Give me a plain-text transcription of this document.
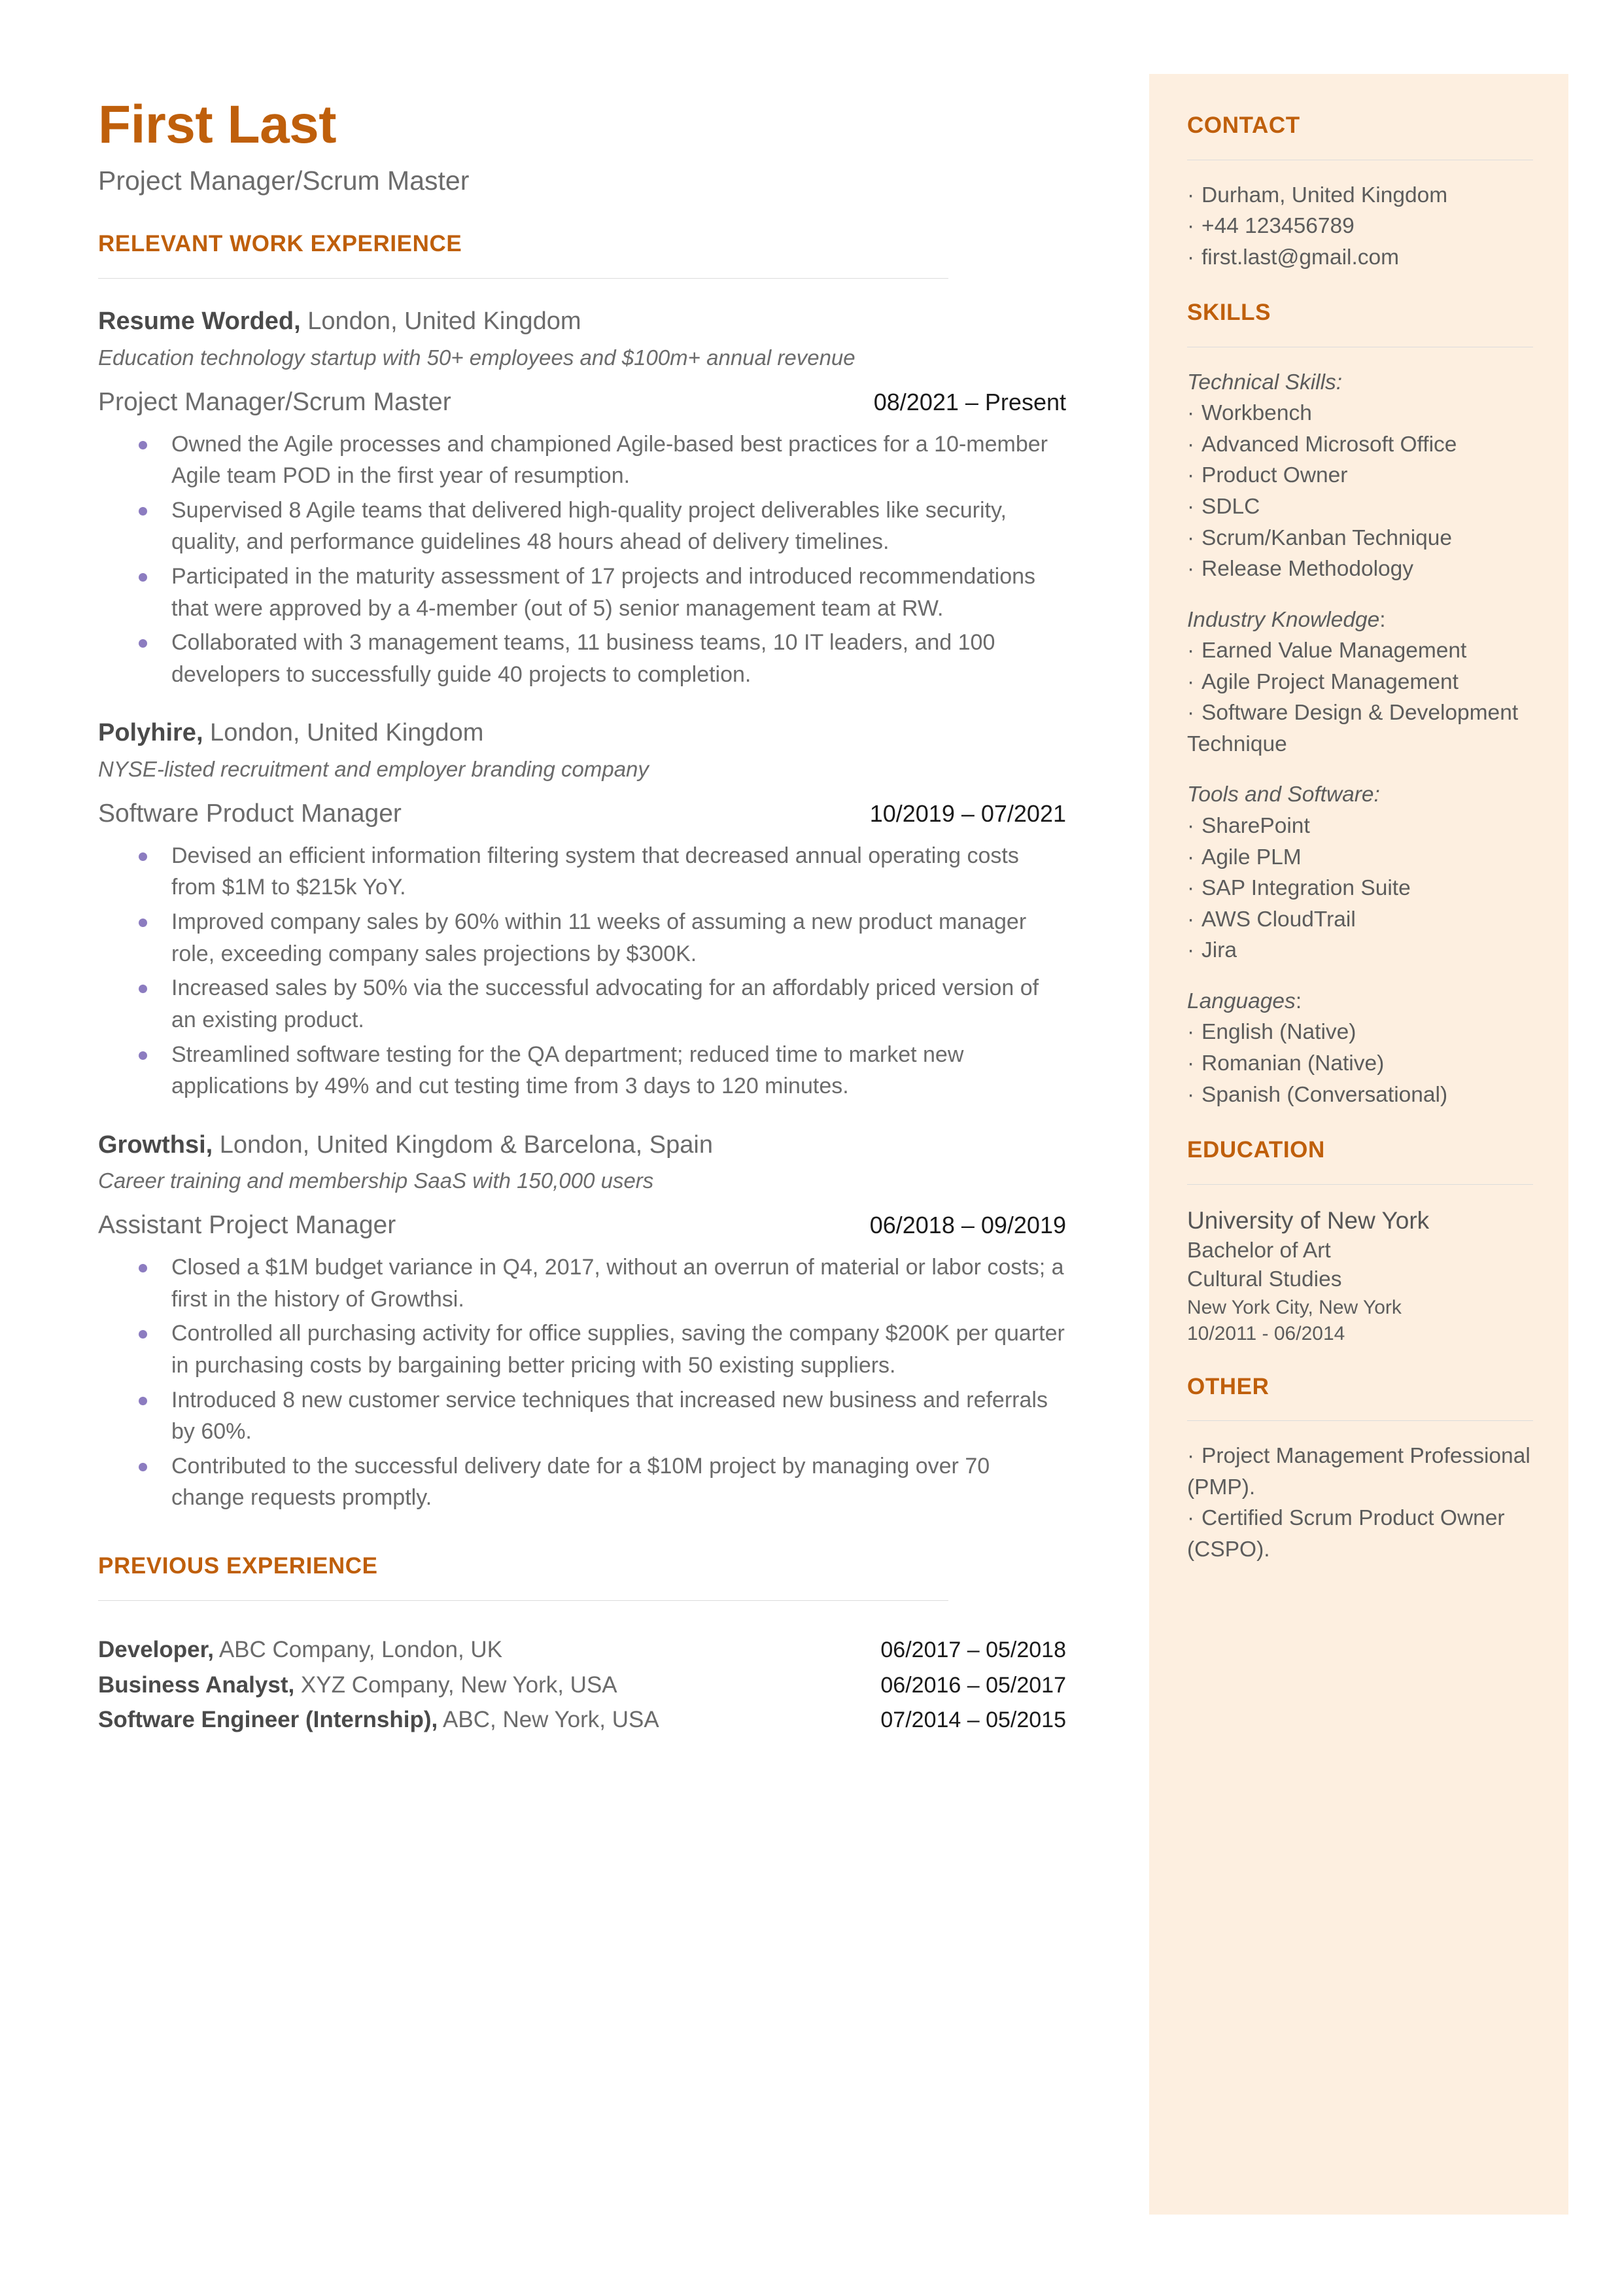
First Last
Project Manager/Scrum Master
RELEVANT WORK EXPERIENCE
Resume Worded, London, United Kingdom
Education technology startup with 50+ employees and $100m+ annual revenue
Project Manager/Scrum Master	08/2021 – Present
Owned the Agile processes and championed Agile-based best practices for a 10-member Agile team POD in the first year of resumption.
Supervised 8 Agile teams that delivered high-quality project deliverables like security, quality, and performance guidelines 48 hours ahead of delivery timelines.
Participated in the maturity assessment of 17 projects and introduced recommendations that were approved by a 4-member (out of 5) senior management team at RW.
Collaborated with 3 management teams, 11 business teams, 10 IT leaders, and 100 developers to successfully guide 40 projects to completion.
Polyhire, London, United Kingdom
NYSE-listed recruitment and employer branding company
Software Product Manager	10/2019 – 07/2021
Devised an efficient information filtering system that decreased annual operating costs from $1M to $215k YoY.
Improved company sales by 60% within 11 weeks of assuming a new product manager role, exceeding company sales projections by $300K.
Increased sales by 50% via the successful advocating for an affordably priced version of an existing product.
Streamlined software testing for the QA department; reduced time to market new applications by 49% and cut testing time from 3 days to 120 minutes.
Growthsi, London, United Kingdom & Barcelona, Spain
Career training and membership SaaS with 150,000 users
Assistant Project Manager	06/2018 – 09/2019
Closed a $1M budget variance in Q4, 2017, without an overrun of material or labor costs; a first in the history of Growthsi.
Controlled all purchasing activity for office supplies, saving the company $200K per quarter in purchasing costs by bargaining better pricing with 50 existing suppliers.
Introduced 8 new customer service techniques that increased new business and referrals by 60%.
Contributed to the successful delivery date for a $10M project by managing over 70 change requests promptly.
PREVIOUS EXPERIENCE
Developer, ABC Company, London, UK	06/2017 – 05/2018
Business Analyst, XYZ Company, New York, USA	06/2016 – 05/2017
Software Engineer (Internship), ABC, New York, USA	07/2014 – 05/2015
CONTACT
· Durham, United Kingdom
· +44 123456789
· first.last@gmail.com
SKILLS
Technical Skills:
· Workbench
· Advanced Microsoft Office
· Product Owner
· SDLC
· Scrum/Kanban Technique
· Release Methodology
Industry Knowledge:
· Earned Value Management
· Agile Project Management
· Software Design & Development Technique
Tools and Software:
· SharePoint
· Agile PLM
· SAP Integration Suite
· AWS CloudTrail
· Jira
Languages:
· English (Native)
· Romanian (Native)
· Spanish (Conversational)
EDUCATION
University of New York
Bachelor of Art
Cultural Studies
New York City, New York
10/2011 - 06/2014
OTHER
· Project Management Professional (PMP).
· Certified Scrum Product Owner (CSPO).
